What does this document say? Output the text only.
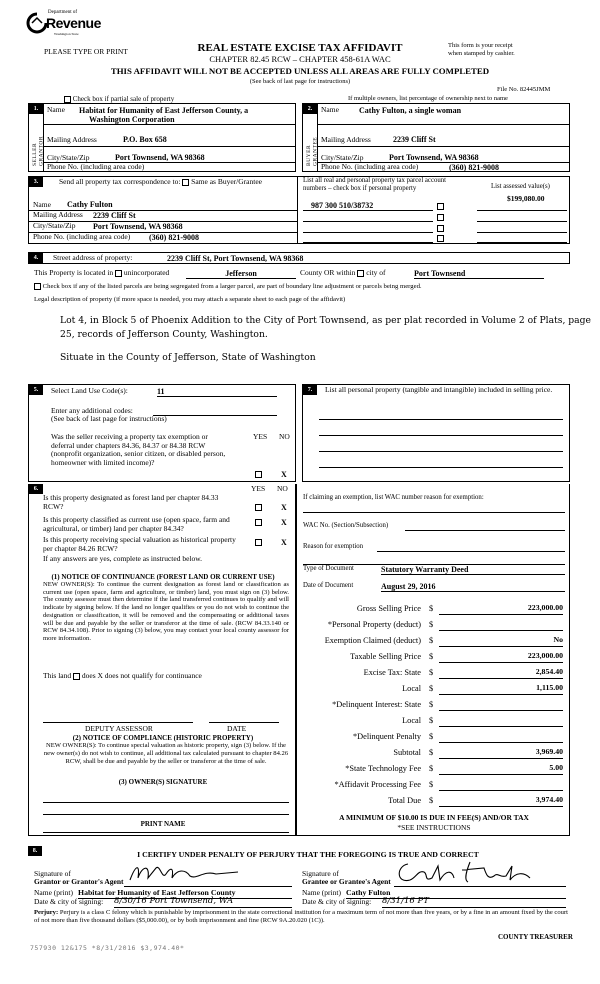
Department of
Revenue
Washington State
PLEASE TYPE OR PRINT	REAL ESTATE EXCISE TAX AFFIDAVIT
CHAPTER 82.45 RCW – CHAPTER 458-61A WAC
THIS AFFIDAVIT WILL NOT BE ACCEPTED UNLESS ALL AREAS ARE FULLY COMPLETED
(See back of last page for instructions)
This form is your receipt
when stamped by cashier.
File No. 82445JMM
Check box if partial sale of property	If multiple owners, list percentage of ownership next to name
1.
SELLER GRANTOR
Name Habitat for Humanity of East Jefferson County, a
Washington Corporation
Mailing Address	P.O. Box 658
City/State/Zip	Port Townsend, WA 98368
Phone No. (including area code)
2.
BUYER GRANTEE
Name	Cathy Fulton, a single woman
Mailing Address	2239 Cliff St
City/State/Zip	Port Townsend, WA 98368
Phone No. (including area code)	(360) 821-9008
3.	Send all property tax correspondence to: Same as Buyer/Grantee	List all real and personal property tax parcel account
numbers – check box if personal property	List assessed value(s)
$199,080.00
Name Cathy Fulton
Mailing Address 2239 Cliff St
City/State/Zip Port Townsend, WA 98368
Phone No. (including area code) (360) 821-9008
987 300 510/38732
4.	Street address of property:	2239 Cliff St, Port Townsend, WA 98368
This Property is located in unincorporated	Jefferson	County OR within city of	Port Townsend
Check box if any of the listed parcels are being segregated from a larger parcel, are part of boundary line adjustment or parcels being merged.
Legal description of property (if more space is needed, you may attach a separate sheet to each page of the affidavit)
Lot 4, in Block 5 of Phoenix Addition to the City of Port Townsend, as per plat recorded in Volume 2 of Plats, page
25, records of Jefferson County, Washington.
Situate in the County of Jefferson, State of Washington
5.	Select Land Use Code(s):	11
Enter any additional codes:
(See back of last page for instructions)
Was the seller receiving a property tax exemption or deferral under chapters 84.36, 84.37 or 84.38 RCW (nonprofit organization, senior citizen, or disabled person, homeowner with limited income)?
YES NO
X
7.	List all personal property (tangible and intangible) included in selling price.
6.	YES NO
Is this property designated as forest land per chapter 84.33 RCW?	X
Is this property classified as current use (open space, farm and agricultural, or timber) land per chapter 84.34?
X
Is this property receiving special valuation as historical property per chapter 84.26 RCW?
X
If any answers are yes, complete as instructed below.
(1) NOTICE OF CONTINUANCE (FOREST LAND OR CURRENT USE)
NEW OWNER(S): To continue the current designation as forest land or classification as current use (open space, farm and agriculture, or timber) land, you must sign on (3) below. The county assessor must then determine if the land transferred continues to qualify and will indicate by signing below. If the land no longer qualifies or you do not wish to continue the designation or classification, it will be removed and the compensating or additional taxes will be due and payable by the seller or transferor at the time of sale. (RCW 84.33.140 or RCW 84.34.108). Prior to signing (3) below, you may contact your local county assessor for more information.
This land does X does not qualify for continuance
DEPUTY ASSESSOR	DATE
(2) NOTICE OF COMPLIANCE (HISTORIC PROPERTY)
NEW OWNER(S): To continue special valuation as historic property, sign (3) below. If the new owner(s) do not wish to continue, all additional tax calculated pursuant to chapter 84.26 RCW, shall be due and payable by the seller or transferor at the time of sale.
(3) OWNER(S) SIGNATURE
PRINT NAME
If claiming an exemption, list WAC number reason for exemption:
WAC No. (Section/Subsection)
Reason for exemption
Type of Document	Statutory Warranty Deed
Date of Document	August 29, 2016
Gross Selling Price $	223,000.00
*Personal Property (deduct) $
Exemption Claimed (deduct) $	No
Taxable Selling Price $	223,000.00
Excise Tax: State $	2,854.40
Local $	1,115.00
*Delinquent Interest: State $
Local $
*Delinquent Penalty $
Subtotal $	3,969.40
*State Technology Fee $	5.00
*Affidavit Processing Fee $
Total Due $	3,974.40
A MINIMUM OF $10.00 IS DUE IN FEE(S) AND/OR TAX
*SEE INSTRUCTIONS
8.	I CERTIFY UNDER PENALTY OF PERJURY THAT THE FOREGOING IS TRUE AND CORRECT
Signature of
Grantor or Grantor's Agent
Name (print) Habitat for Humanity of East Jefferson County
Date & city of signing: 8/30/16 Port Townsend, WA
Signature of
Grantee or Grantee's Agent
Name (print) Cathy Fulton
Date & city of signing: 8/31/16 PT
Perjury: Perjury is a class C felony which is punishable by imprisonment in the state correctional institution for a maximum term of not more than five years, or by a fine in an amount fixed by the court of not more than five thousand dollars ($5,000.00), or by both imprisonment and fine (RCW 9A.20.020 (1C)).
COUNTY TREASURER
757930 12&175 *8/31/2016 $3,974.40*
